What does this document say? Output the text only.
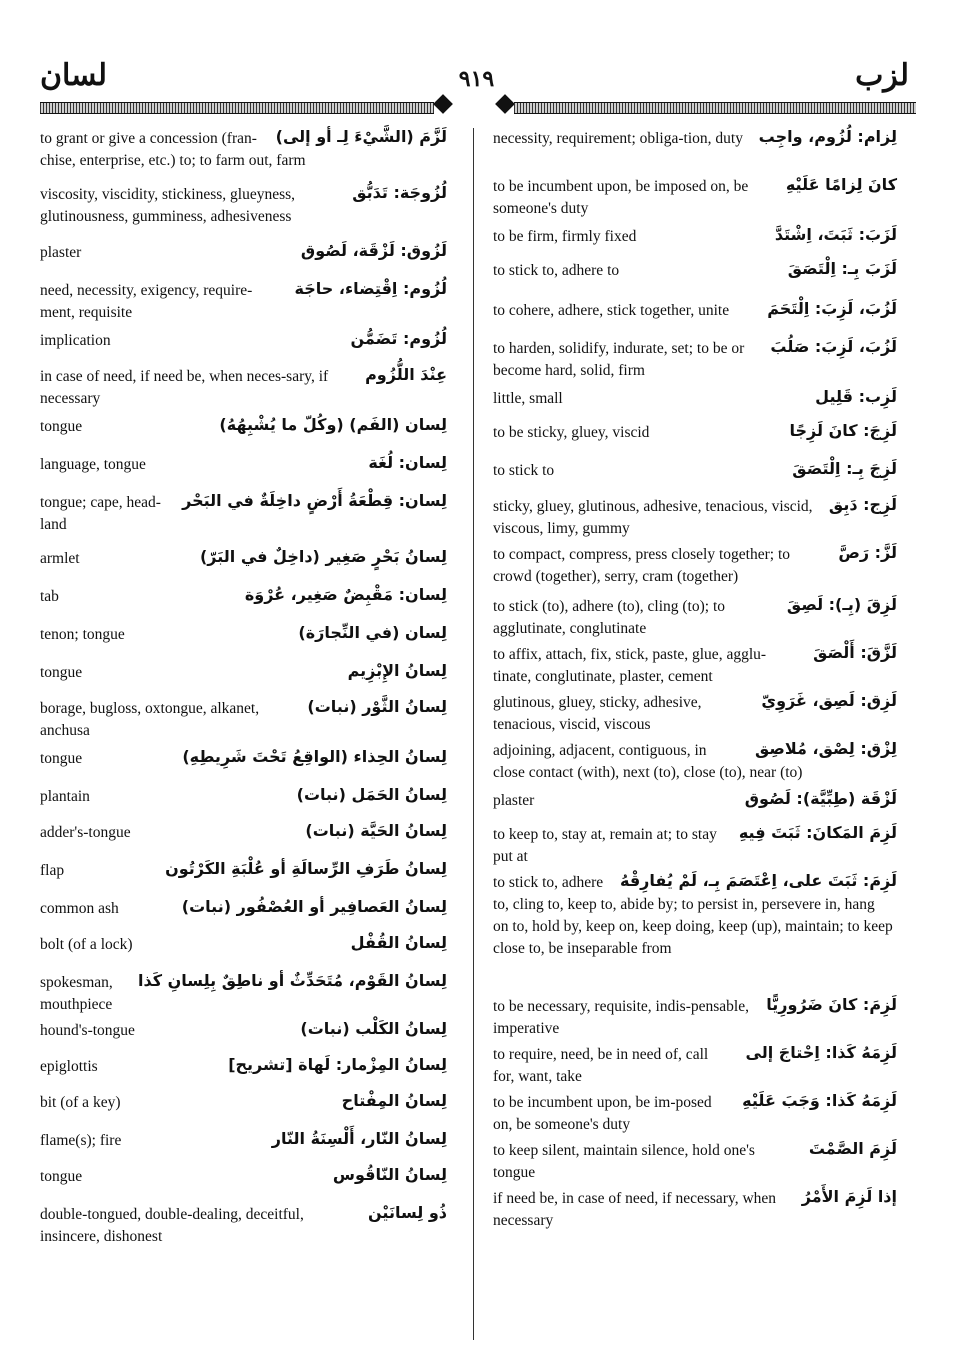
لسان	٩١٩	لزب
لَزَّمَ (الشَّيْءَ لِـ أو إلى)
to grant or give a concession (fran-chise, enterprise, etc.) to; to farm out, farm
لُزُوجَة: تَدَبُّق
viscosity, viscidity, stickiness, glueyness, glutinousness, gumminess, adhesiveness
لَزُوق: لَزْقَة، لَصُوق
plaster
لُزُوم: اِقْتِضاء، حاجَة
need, necessity, exigency, require-ment, requisite
لُزُوم: تَضَمُّن
implication
عِنْدَ اللُّزُوم
in case of need, if need be, when neces-sary, if necessary
لِسان (الفَم) (وكُلّ ما يُشْبِهُهُ)
tongue
لِسان: لُغَة
language, tongue
لِسان: قِطْعَةُ أَرْضٍ داخِلَةٌ في البَحْر
tongue; cape, head-land
لِسانُ بَحْرٍ صَغِير (داخِلٌ في البَرّ)
armlet
لِسان: مَقْبِضٌ صَغِير، عُرْوَة
tab
لِسان (في النِّجارَة)
tenon; tongue
لِسانُ الإِبْزِيم
tongue
لِسانُ الثَّوْر (نبات)
borage, bugloss, oxtongue, alkanet, anchusa
لِسانُ الحِذاء (الواقِعُ تَحْتَ شَرِيطِهِ)
tongue
لِسانُ الحَمَل (نبات)
plantain
لِسانُ الحَيَّة (نبات)
adder's-tongue
لِسانُ طَرَفِ الرِّسالَةِ أو عُلْبَةِ الكَرْتُون
flap
لِسانُ العَصافِير أو العُصْفُور (نبات)
common ash
لِسانُ القُفْل
bolt (of a lock)
لِسانُ القَوْم، مُتَحَدِّثٌ أو ناطِقٌ بِلِسانِ كَذا
spokesman, mouthpiece
لِسانُ الكَلْب (نبات)
hound's-tongue
لِسانُ المِزْمار: لَهاة [تشريح]
epiglottis
لِسانُ المِفْتاح
bit (of a key)
لِسانُ النّار، أَلْسِنَةُ النّار
flame(s); fire
لِسانُ النّاقُوس
tongue
ذُو لِسانَيْن
double-tongued, double-dealing, deceitful, insincere, dishonest
لِزام: لُزُوم، واجِب
necessity, requirement; obliga-tion, duty
كانَ لِزامًا عَلَيْهِ
to be incumbent upon, be imposed on, be someone's duty
لَزَبَ: ثَبَتَ، اِشْتَدَّ
to be firm, firmly fixed
لَزَبَ بِـ: اِلْتَصَقَ
to stick to, adhere to
لَزُبَ، لَزِبَ: اِلْتَحَمَ
to cohere, adhere, stick together, unite
لَزُبَ، لَزِبَ: صَلُبَ
to harden, solidify, indurate, set; to be or become hard, solid, firm
لَزِب: قَلِيل
little, small
لَزِجَ: كانَ لَزِجًا
to be sticky, gluey, viscid
لَزِجَ بِـ: اِلْتَصَقَ
to stick to
لَزِج: دَبِق
sticky, gluey, glutinous, adhesive, tenacious, viscid, viscous, limy, gummy
لَزَّ: رَصَّ
to compact, compress, press closely together; to crowd (together), serry, cram (together)
لَزِقَ (بِـ): لَصِقَ
to stick (to), adhere (to), cling (to); to agglutinate, conglutinate
لَزَّقَ: أَلْصَقَ
to affix, attach, fix, stick, paste, glue, agglu-tinate, conglutinate, plaster, cement
لَزِق: لَصِق، غَرَوِيّ
glutinous, gluey, sticky, adhesive, tenacious, viscid, viscous
لِزْق: لِصْق، مُلاصِق
adjoining, adjacent, contiguous, in close contact (with), next (to), close (to), near (to)
لَزْقَة (طِبِّيَّة): لَصُوق
plaster
لَزِمَ المَكانَ: ثَبَتَ فِيهِ
to keep to, stay at, remain at; to stay put at
لَزِمَ: ثَبَتَ على، اِعْتَصَمَ بِـ، لَمْ يُفارِقْهُ
to stick to, adhere to, cling to, keep to, abide by; to persist in, persevere in, hang on to, hold by, keep on, keep doing, keep (up), maintain; to keep close to, be inseparable from
لَزِمَ: كانَ ضَرُورِيًّا
to be necessary, requisite, indis-pensable, imperative
لَزِمَهُ كَذا: اِحْتاجَ إلى
to require, need, be in need of, call for, want, take
لَزِمَهُ كَذا: وَجَبَ عَلَيْهِ
to be incumbent upon, be im-posed on, be someone's duty
لَزِمَ الصَّمْتَ
to keep silent, maintain silence, hold one's tongue
إذا لَزِمَ الأَمْرُ
if need be, in case of need, if necessary, when necessary
